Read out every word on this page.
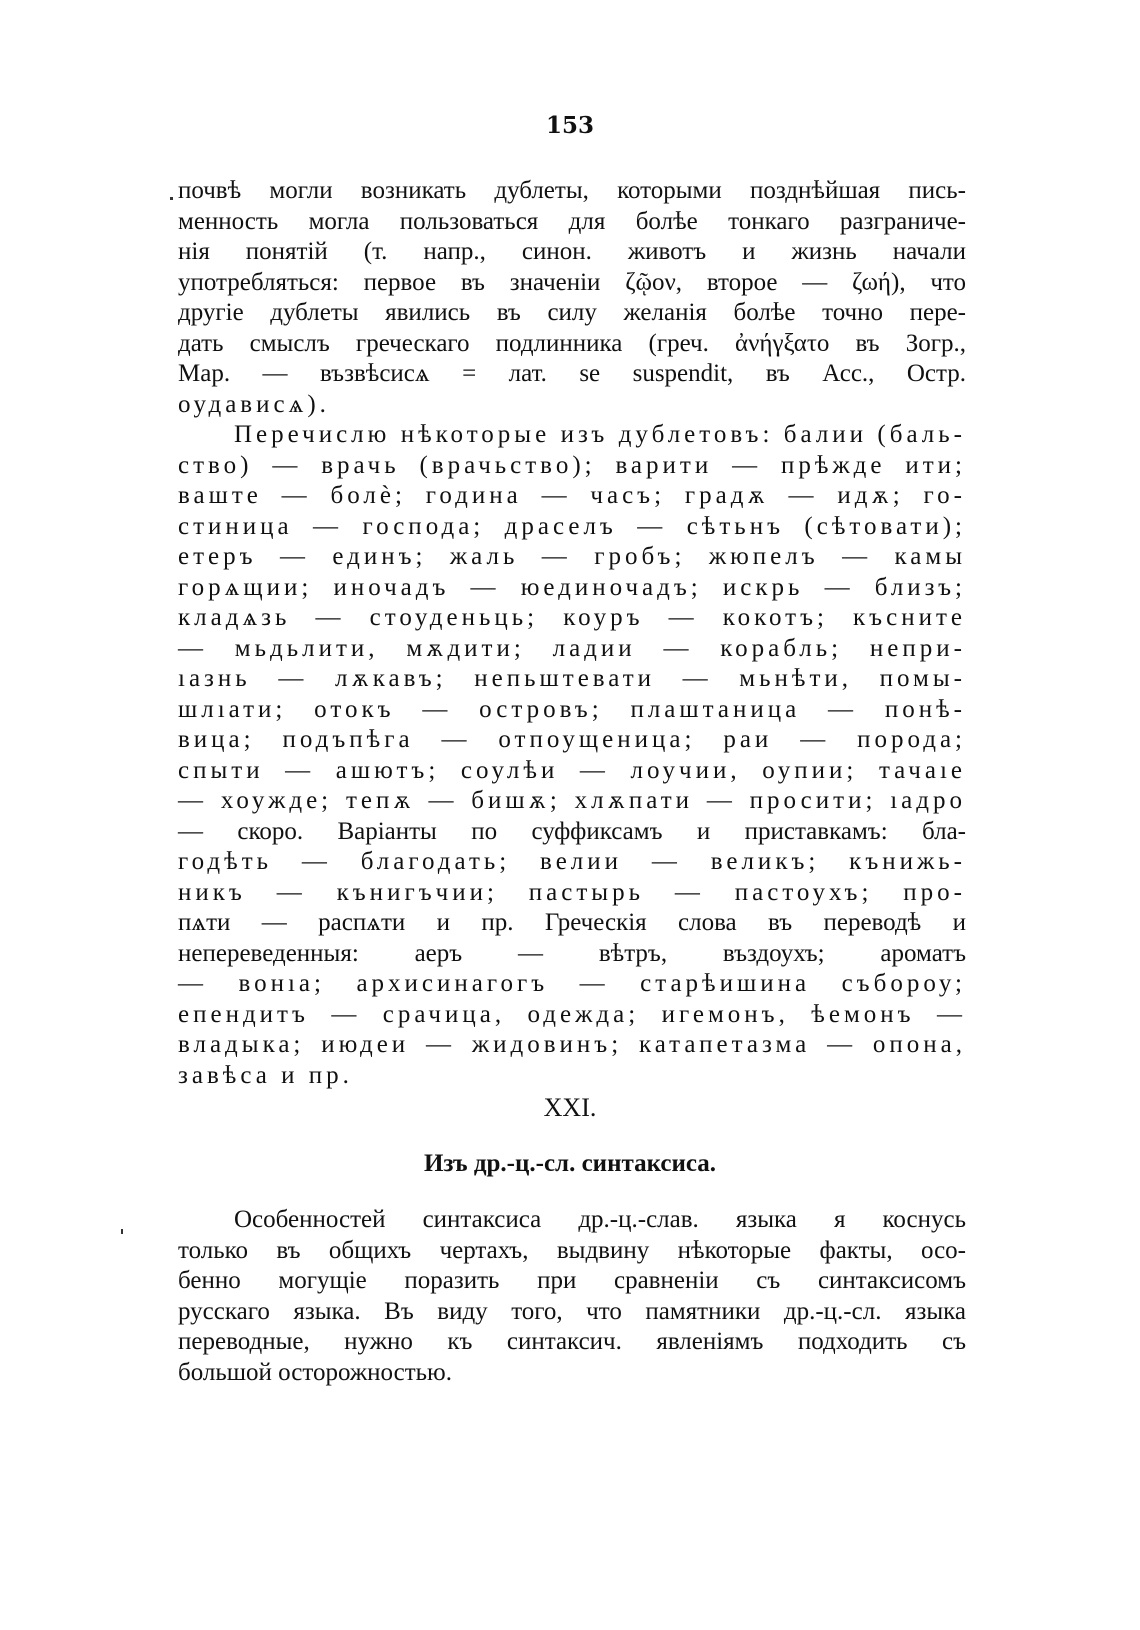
153
почвѣ могли возникать дублеты, которыми позднѣйшая пись-
менность могла пользоваться для болѣе тонкаго разграниче-
нія понятій (т. напр., синон. животъ и жизнь начали
употребляться: первое въ значеніи ζῷον, второе — ζωή), что
другіе дублеты явились въ силу желанія болѣе точно пере-
дать смыслъ греческаго подлинника (греч. ἀνήγξατο въ Зогр.,
Мар. — възвѣсисѧ = лат. se suspendit, въ Асс., Остр.
оудависѧ).
Перечислю нѣкоторые изъ дублетовъ: балии (баль-
ство) — врачь (врачьство); варити — прѣжде ити;
ваште — болѐ; година — часъ; градѫ — идѫ; го-
стиница — господа; драселъ — сѣтьнъ (сѣтовати);
етеръ — единъ; жаль — гробъ; жюпелъ — камы
горѧщии; иночадъ — юединочадъ; искрь — близъ;
кладѧзь — стоуденьць; коуръ — кокотъ; късните
— мьдьлити, мѫдити; ладии — корабль; непри-
ıазнь — лѫкавъ; непьштевати — мьнѣти, помы-
шлıати; отокъ — островъ; плаштаница — понѣ-
вица; подъпѣга — отпоущеница; раи — порода;
спыти — ашютъ; соулѣи — лоучии, оупии; тачаıе
— хоужде; тепѫ — бишѫ; хлѫпати — просити; ıадро
— скоро. Варіанты по суффиксамъ и приставкамъ: бла-
годѣть — благодать; велии — великъ; кънижь-
никъ — кънигъчии; пастырь — пастоухъ; про-
пѧти — распѧти и пр. Греческія слова въ переводѣ и
непереведенныя: аеръ — вѣтръ, въздоухъ; ароматъ
— вонıа; архисинагогъ — старѣишина събороу;
епендитъ — срачица, одежда; игемонъ, ѣемонъ —
владыка; июдеи — жидовинъ; катапетазма — опона,
завѣса и пр.
XXI.
Изъ др.-ц.-сл. синтаксиса.
Особенностей синтаксиса др.-ц.-слав. языка я коснусь
только въ общихъ чертахъ, выдвину нѣкоторые факты, осо-
бенно могущіе поразить при сравненіи съ синтаксисомъ
русскаго языка. Въ виду того, что памятники др.-ц.-сл. языка
переводные, нужно къ синтаксич. явленіямъ подходить съ
большой осторожностью.
